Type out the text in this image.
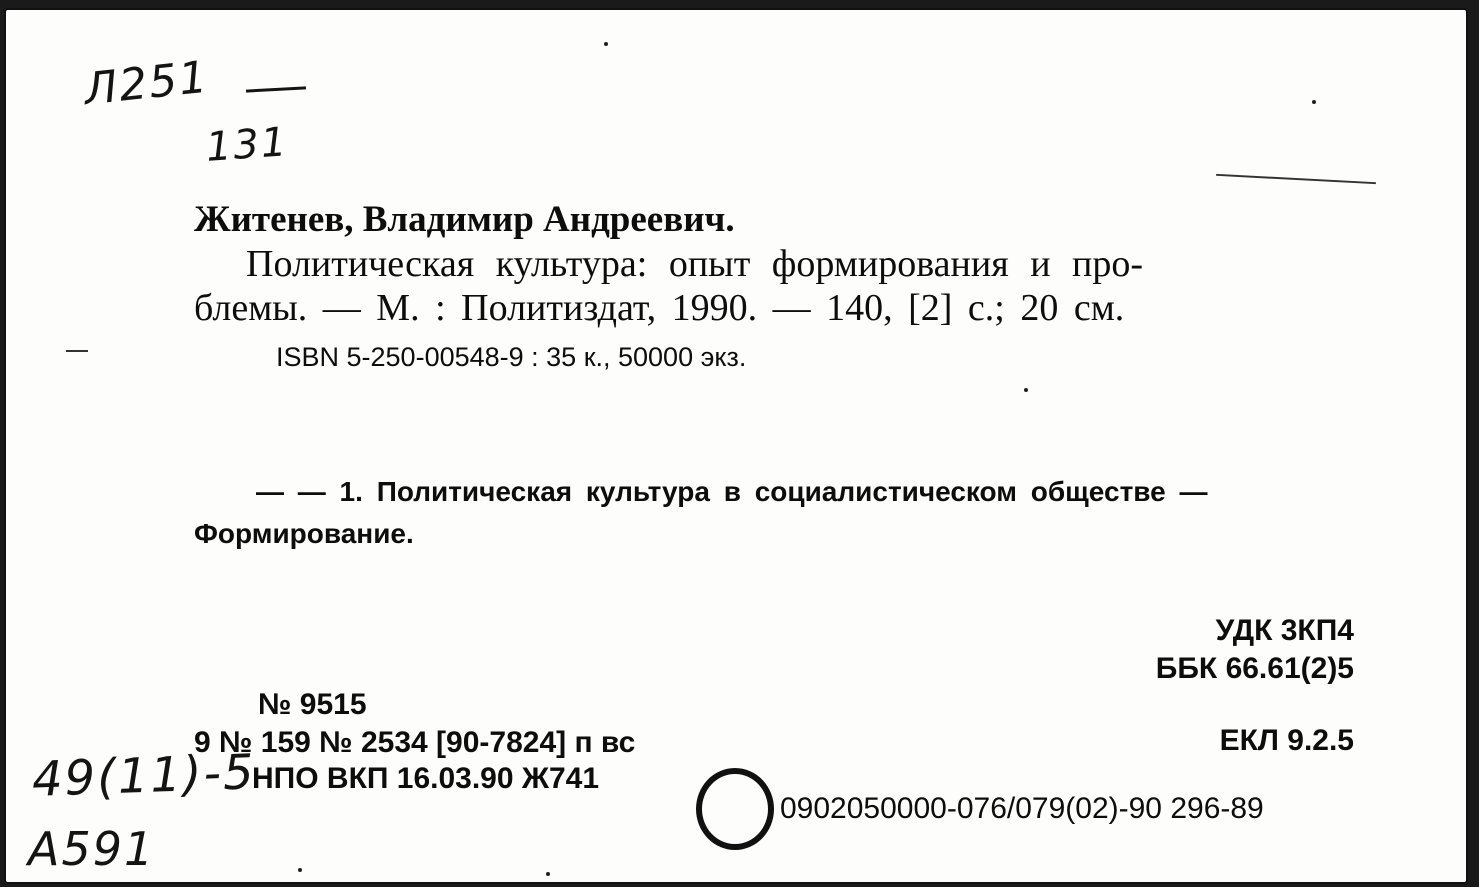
Л251
131
Житенев, Владимир Андреевич.
Политическая культура: опыт формирования и про-
блемы. — М. : Политиздат, 1990. — 140, [2] с.; 20 см.
ISBN 5-250-00548-9 : 35 к., 50000 экз.
— — 1. Политическая культура в социалистическом обществе —
Формирование.
УДК 3КП4
ББК 66.61(2)5
ЕКЛ 9.2.5
№ 9515
9 № 159 № 2534 [90-7824] п вс
НПО ВКП 16.03.90 Ж741
0902050000-076/079(02)-90 296-89
49(11)-5
А591
